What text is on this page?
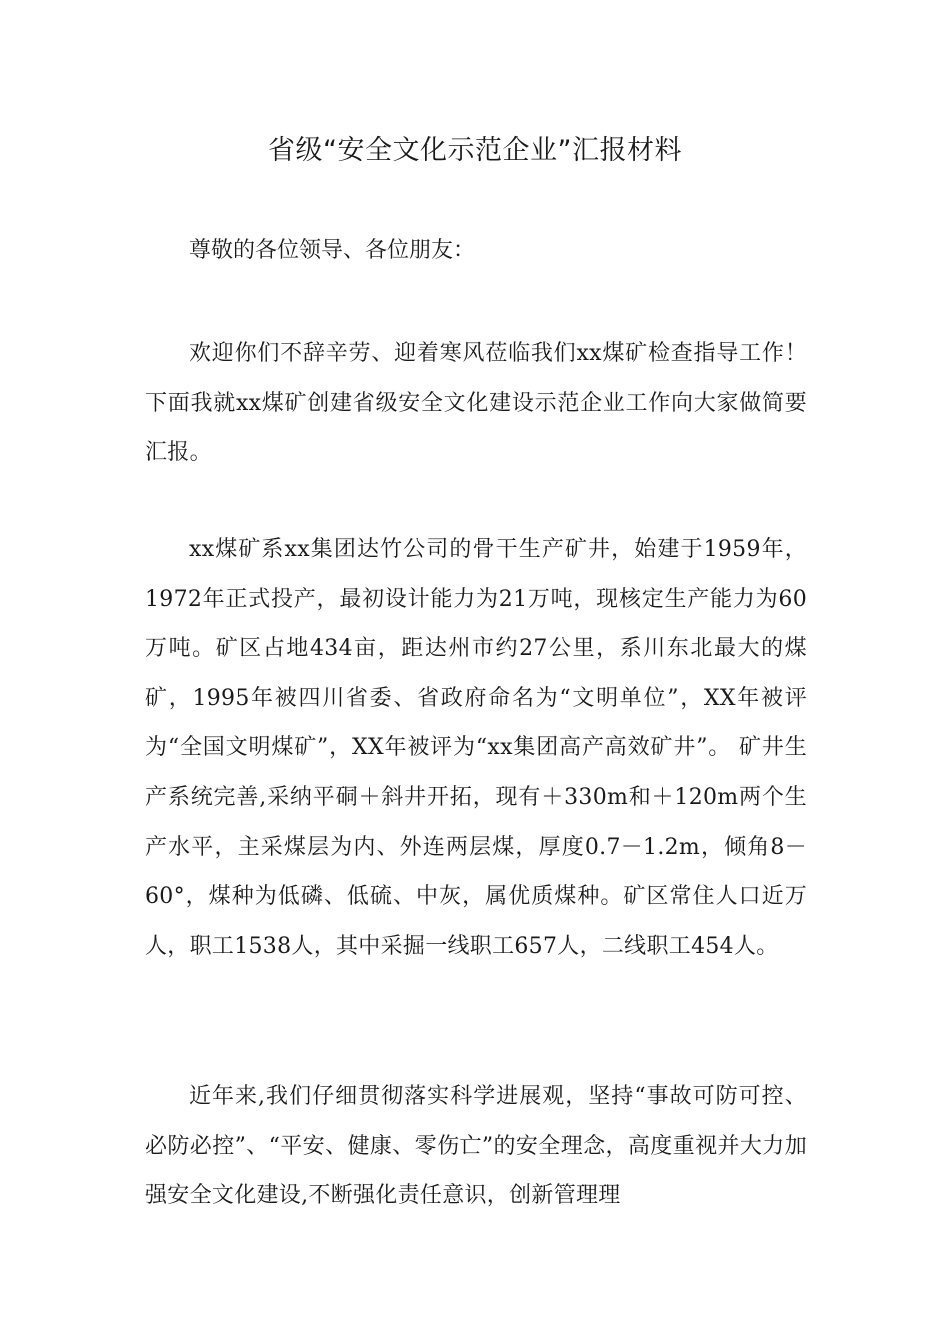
省级“安全文化示范企业”汇报材料

尊敬的各位领导、各位朋友：

欢迎你们不辞辛劳、迎着寒风莅临我们xx煤矿检查指导工作！下面我就xx煤矿创建省级安全文化建设示范企业工作向大家做简要汇报。

xx煤矿系xx集团达竹公司的骨干生产矿井，始建于1959年，1972年正式投产，最初设计能力为21万吨，现核定生产能力为60万吨。矿区占地434亩，距达州市约27公里，系川东北最大的煤矿，1995年被四川省委、省政府命名为“文明单位”，XX年被评为“全国文明煤矿”，XX年被评为“xx集团高产高效矿井”。 矿井生产系统完善,采纳平硐＋斜井开拓，现有＋330m和＋120m两个生产水平，主采煤层为内、外连两层煤，厚度0.7－1.2m，倾角8－60°，煤种为低磷、低硫、中灰，属优质煤种。矿区常住人口近万人，职工1538人，其中采掘一线职工657人，二线职工454人。

近年来,我们仔细贯彻落实科学进展观，坚持“事故可防可控、必防必控”、“平安、健康、零伤亡”的安全理念，高度重视并大力加强安全文化建设,不断强化责任意识，创新管理理
